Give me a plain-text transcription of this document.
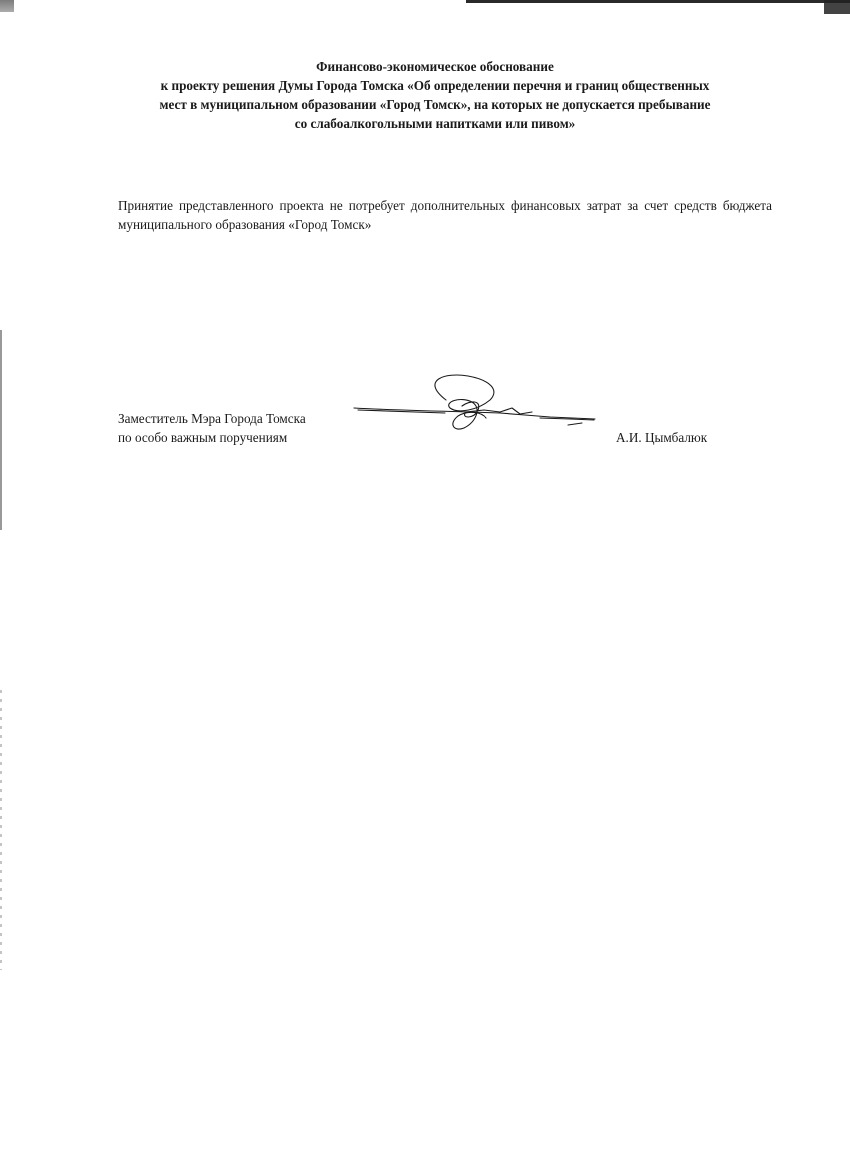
Финансово-экономическое обоснование
к проекту решения Думы Города Томска «Об определении перечня и границ общественных
мест в муниципальном образовании «Город Томск», на которых не допускается пребывание
со слабоалкогольными напитками или пивом»

Принятие представленного проекта не потребует дополнительных финансовых затрат за счет средств бюджета муниципального образования «Город Томск»

Заместитель Мэра Города Томска
по особо важным поручениям	А.И. Цымбалюк
